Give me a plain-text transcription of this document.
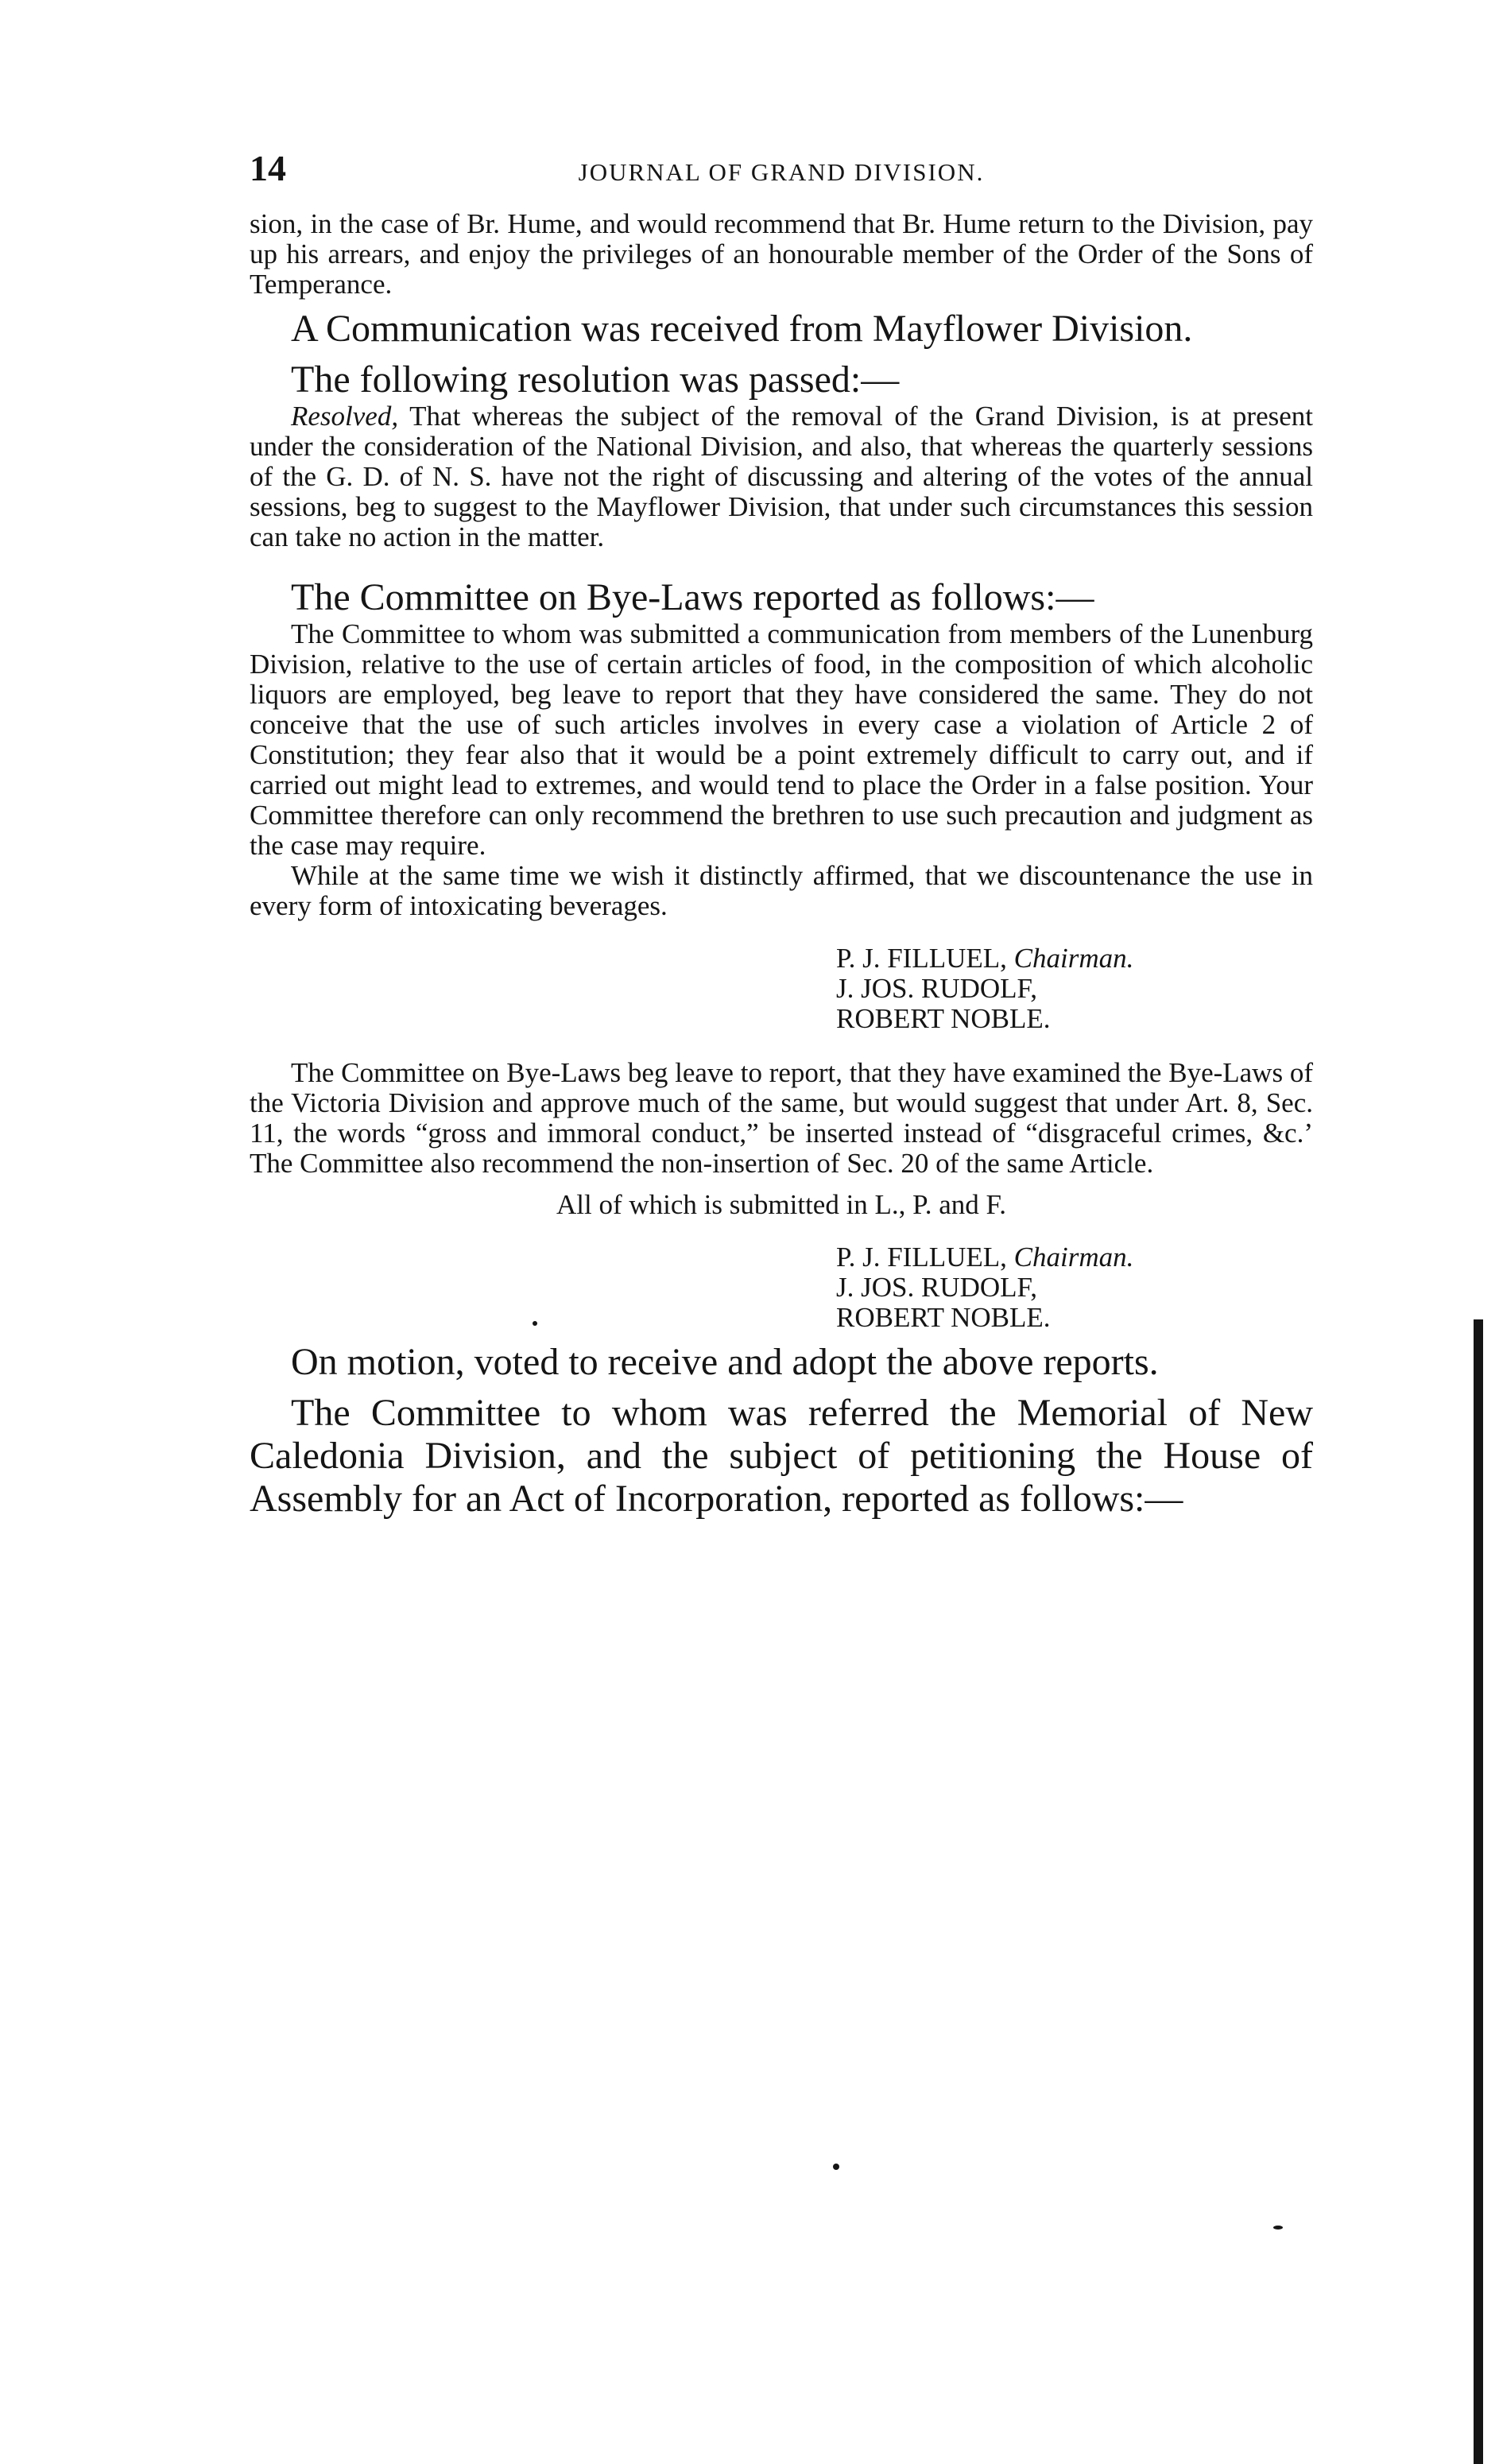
14	JOURNAL OF GRAND DIVISION.

sion, in the case of Br. Hume, and would recommend that Br. Hume return to the Division, pay up his arrears, and enjoy the privileges of an honourable member of the Order of the Sons of Temperance.

A Communication was received from Mayflower Division.

The following resolution was passed:—

Resolved, That whereas the subject of the removal of the Grand Division, is at present under the consideration of the National Division, and also, that whereas the quarterly sessions of the G. D. of N. S. have not the right of discussing and altering of the votes of the annual sessions, beg to suggest to the Mayflower Division, that under such circumstances this session can take no action in the matter.

The Committee on Bye-Laws reported as follows:—

The Committee to whom was submitted a communication from members of the Lunenburg Division, relative to the use of certain articles of food, in the composition of which alcoholic liquors are employed, beg leave to report that they have considered the same. They do not conceive that the use of such articles involves in every case a violation of Article 2 of Constitution; they fear also that it would be a point extremely difficult to carry out, and if carried out might lead to extremes, and would tend to place the Order in a false position. Your Committee therefore can only recommend the brethren to use such precaution and judgment as the case may require.

While at the same time we wish it distinctly affirmed, that we discountenance the use in every form of intoxicating beverages.

P. J. FILLUEL, Chairman.
J. JOS. RUDOLF,
ROBERT NOBLE.

The Committee on Bye-Laws beg leave to report, that they have examined the Bye-Laws of the Victoria Division and approve much of the same, but would suggest that under Art. 8, Sec. 11, the words “gross and immoral conduct,” be inserted instead of “disgraceful crimes, &c.’ The Committee also recommend the non-insertion of Sec. 20 of the same Article.

All of which is submitted in L., P. and F.
P. J. FILLUEL, Chairman.
J. JOS. RUDOLF,
ROBERT NOBLE.

On motion, voted to receive and adopt the above reports.

The Committee to whom was referred the Memorial of New Caledonia Division, and the subject of petitioning the House of Assembly for an Act of Incorporation, reported as follows:—
